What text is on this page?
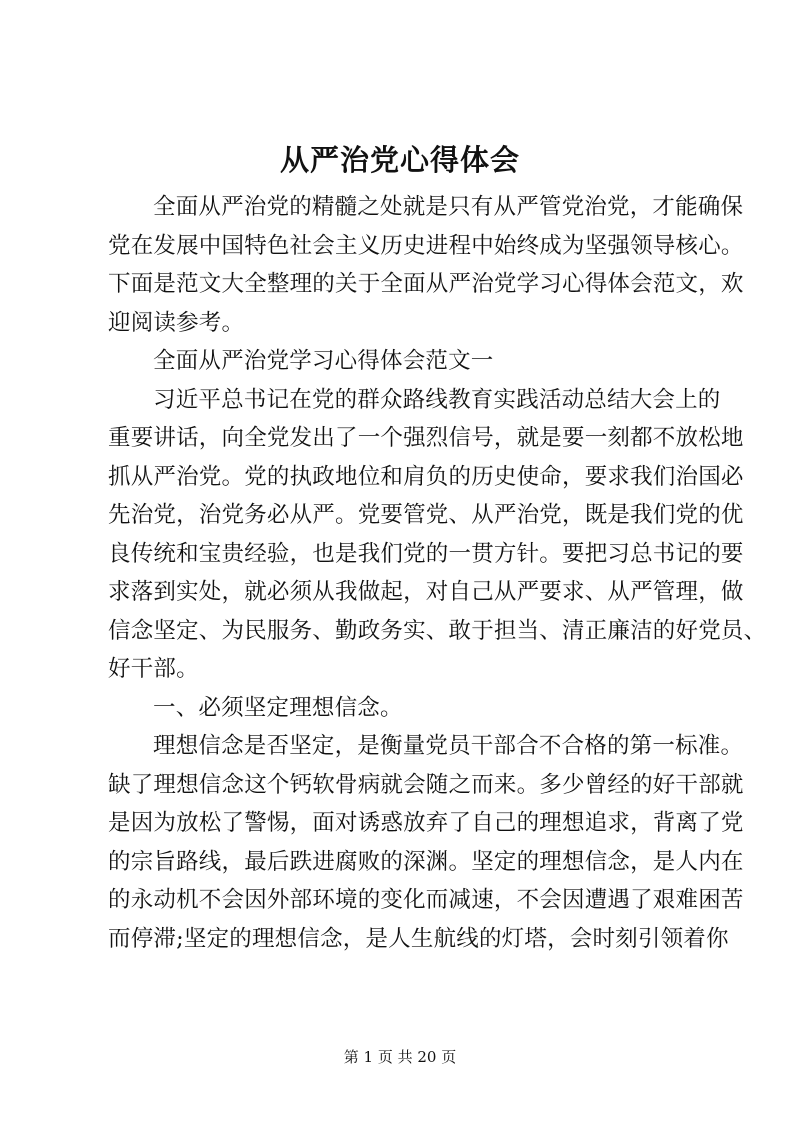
从严治党心得体会
全面从严治党的精髓之处就是只有从严管党治党，才能确保
党在发展中国特色社会主义历史进程中始终成为坚强领导核心。
下面是范文大全整理的关于全面从严治党学习心得体会范文，欢
迎阅读参考。
全面从严治党学习心得体会范文一
习近平总书记在党的群众路线教育实践活动总结大会上的
重要讲话，向全党发出了一个强烈信号，就是要一刻都不放松地
抓从严治党。党的执政地位和肩负的历史使命，要求我们治国必
先治党，治党务必从严。党要管党、从严治党，既是我们党的优
良传统和宝贵经验，也是我们党的一贯方针。要把习总书记的要
求落到实处，就必须从我做起，对自己从严要求、从严管理，做
信念坚定、为民服务、勤政务实、敢于担当、清正廉洁的好党员、
好干部。
一、必须坚定理想信念。
理想信念是否坚定，是衡量党员干部合不合格的第一标准。
缺了理想信念这个钙软骨病就会随之而来。多少曾经的好干部就
是因为放松了警惕，面对诱惑放弃了自己的理想追求，背离了党
的宗旨路线，最后跌进腐败的深渊。坚定的理想信念，是人内在
的永动机不会因外部环境的变化而减速，不会因遭遇了艰难困苦
而停滞;坚定的理想信念，是人生航线的灯塔，会时刻引领着你
第 1 页 共 20 页
